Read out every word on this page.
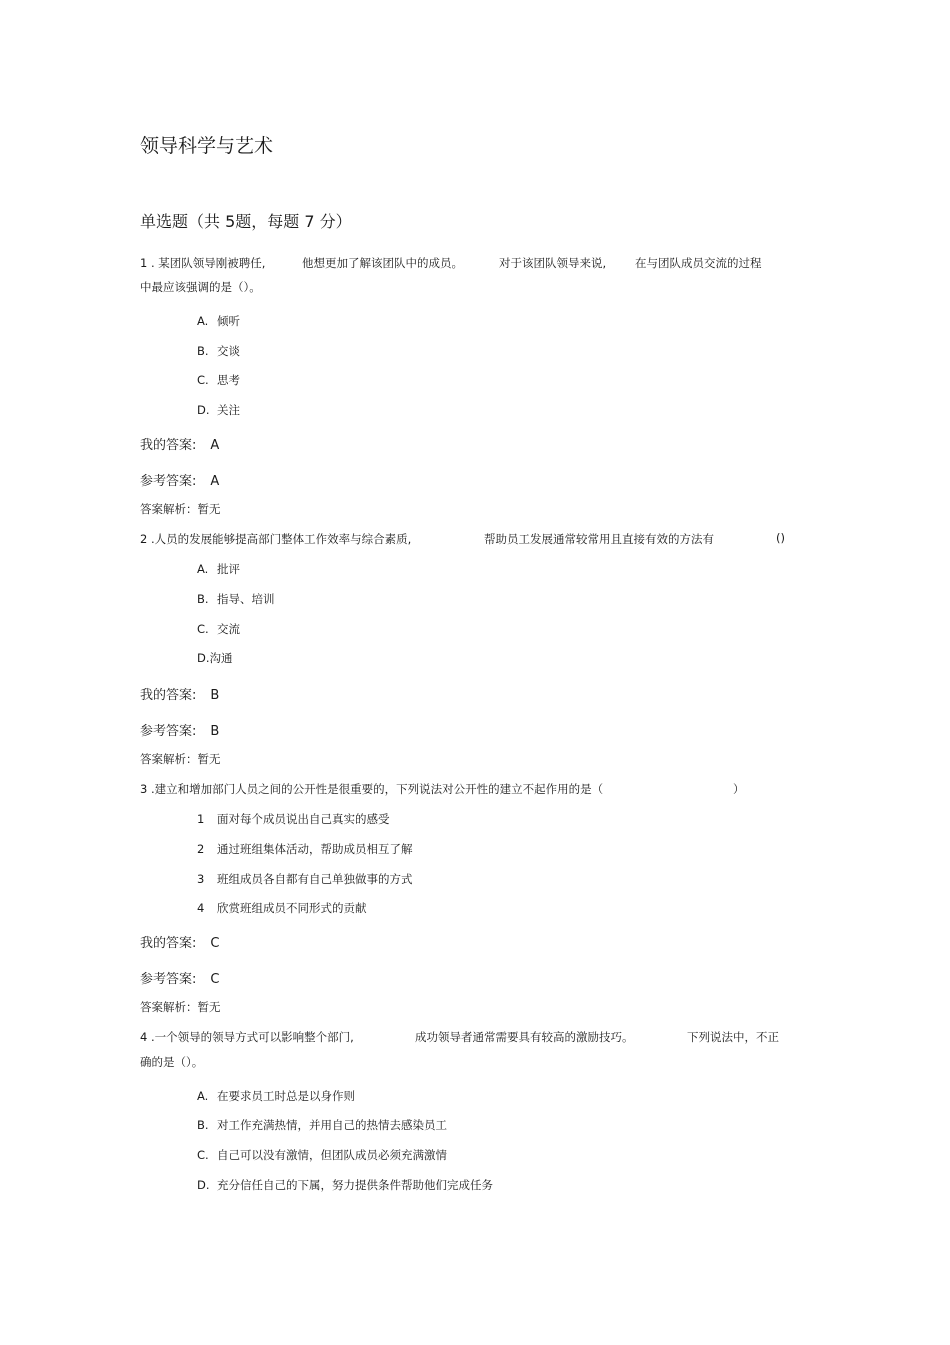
领导科学与艺术
单选题（共 5题，每题 7 分）
1 . 某团队领导刚被聘任,	他想更加了解该团队中的成员。	对于该团队领导来说,	在与团队成员交流的过程
中最应该强调的是（）。
A. 倾听
B. 交谈
C. 思考
D. 关注
我的答案: A
参考答案: A
答案解析：暂无
2 .人员的发展能够提高部门整体工作效率与综合素质,	帮助员工发展通常较常用且直接有效的方法有	()
A. 批评
B. 指导、培训
C. 交流
D.沟通
我的答案: B
参考答案: B
答案解析：暂无
3 .建立和增加部门人员之间的公开性是很重要的，下列说法对公开性的建立不起作用的是（	）
1 面对每个成员说出自己真实的感受
2 通过班组集体活动，帮助成员相互了解
3 班组成员各自都有自己单独做事的方式
4 欣赏班组成员不同形式的贡献
我的答案: C
参考答案: C
答案解析：暂无
4 .一个领导的领导方式可以影响整个部门,	成功领导者通常需要具有较高的激励技巧。	下列说法中，不正
确的是（）。
A. 在要求员工时总是以身作则
B. 对工作充满热情，并用自己的热情去感染员工
C. 自己可以没有激情，但团队成员必须充满激情
D. 充分信任自己的下属，努力提供条件帮助他们完成任务
